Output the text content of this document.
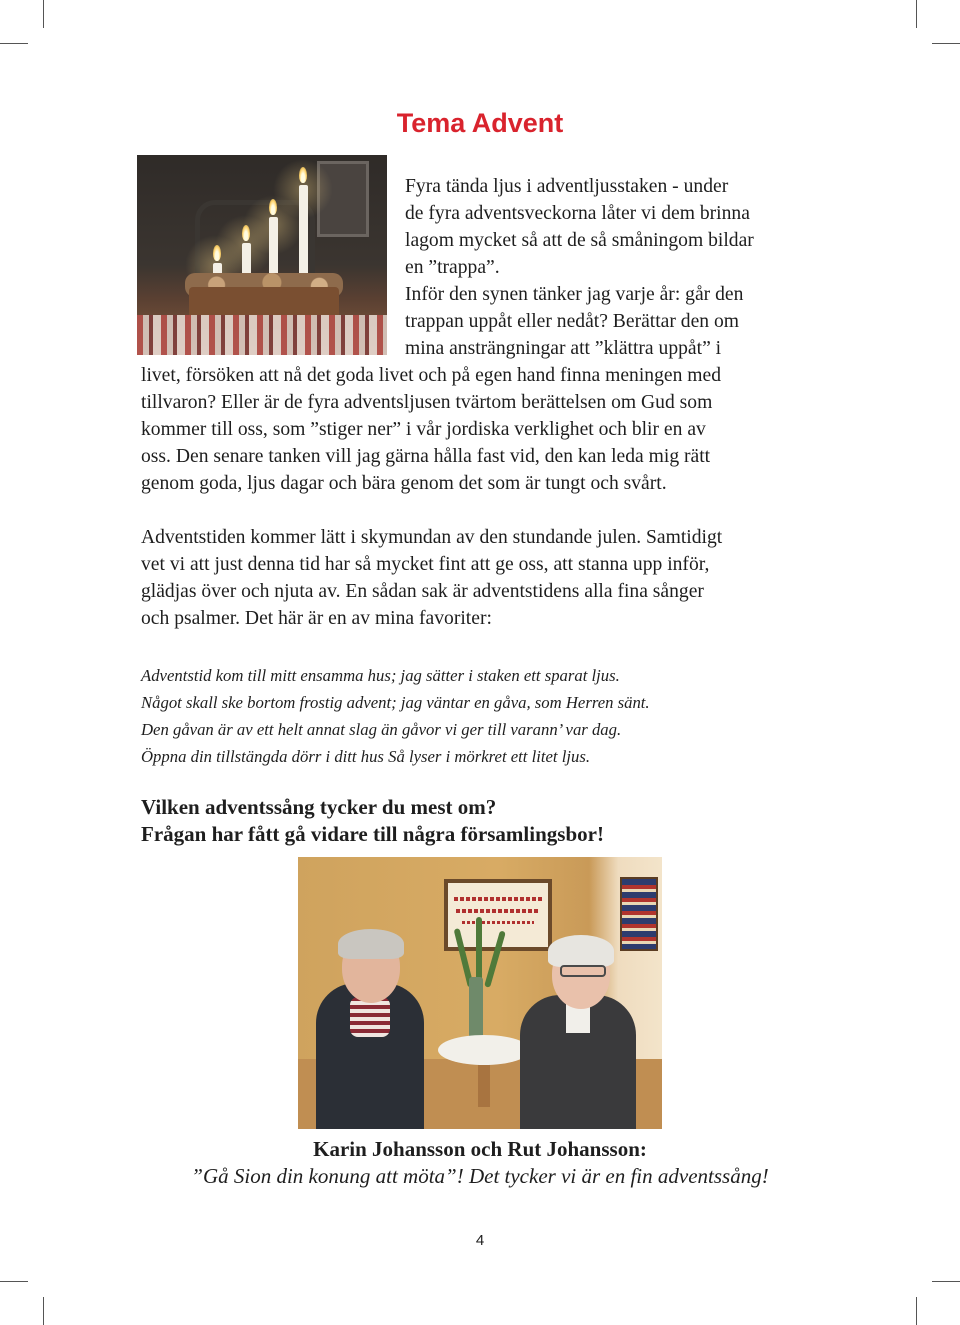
Tema Advent

Fyra tända ljus i adventljusstaken - under
de fyra adventsveckorna låter vi dem brinna
lagom mycket så att de så småningom bildar
en ”trappa”.
Inför den synen tänker jag varje år: går den
trappan uppåt eller nedåt? Berättar den om
mina ansträngningar att ”klättra uppåt” i
livet, försöken att nå det goda livet och på egen hand finna meningen med
tillvaron? Eller är de fyra adventsljusen tvärtom berättelsen om Gud som
kommer till oss, som ”stiger ner” i vår jordiska verklighet och blir en av
oss. Den senare tanken vill jag gärna hålla fast vid, den kan leda mig rätt
genom goda, ljus dagar och bära genom det som är tungt och svårt.

Adventstiden kommer lätt i skymundan av den stundande julen. Samtidigt
vet vi att just denna tid har så mycket fint att ge oss, att stanna upp inför,
glädjas över och njuta av. En sådan sak är adventstidens alla fina sånger
och psalmer. Det här är en av mina favoriter:

Adventstid kom till mitt ensamma hus; jag sätter i staken ett sparat ljus.
Något skall ske bortom frostig advent; jag väntar en gåva, som Herren sänt.
Den gåvan är av ett helt annat slag än gåvor vi ger till varann’ var dag.
Öppna din tillstängda dörr i ditt hus Så lyser i mörkret ett litet ljus.

Vilken adventssång tycker du mest om?
Frågan har fått gå vidare till några församlingsbor!

Karin Johansson och Rut Johansson:
”Gå Sion din konung att möta”! Det tycker vi är en fin adventssång!

4
